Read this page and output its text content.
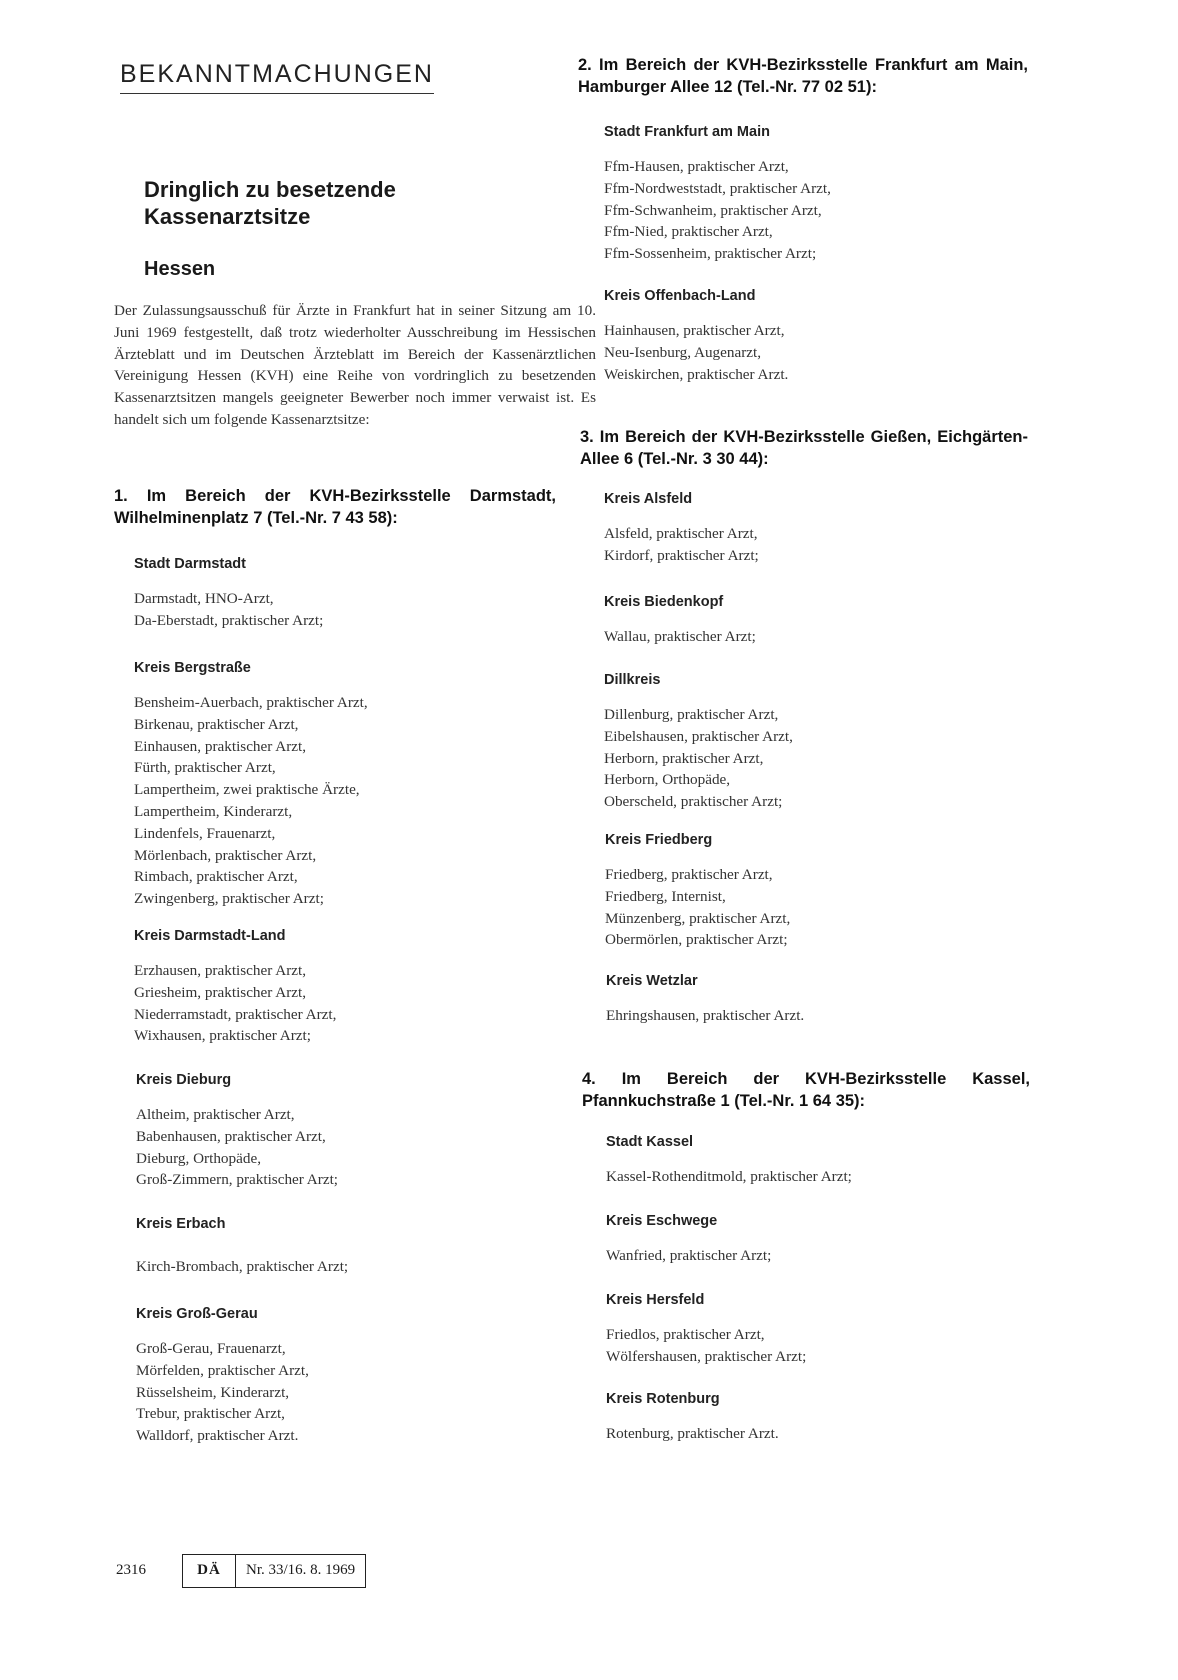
BEKANNTMACHUNGEN
Dringlich zu besetzende
Kassenarztsitze
Hessen

Der Zulassungsausschuß für Ärzte in Frankfurt hat in seiner Sitzung am 10. Juni 1969 festgestellt, daß trotz wiederholter Ausschreibung im Hessischen Ärzteblatt und im Deutschen Ärzteblatt im Bereich der Kassenärztlichen Vereinigung Hessen (KVH) eine Reihe von vordringlich zu besetzenden Kassenarztsitzen mangels geeigneter Bewerber noch immer verwaist ist. Es handelt sich um folgende Kassenarztsitze:

1. Im Bereich der KVH-Bezirksstelle Darmstadt, Wilhelminenplatz 7 (Tel.-Nr. 7 43 58):
Stadt Darmstadt
Darmstadt, HNO-Arzt,
Da-Eberstadt, praktischer Arzt;
Kreis Bergstraße
Bensheim-Auerbach, praktischer Arzt,
Birkenau, praktischer Arzt,
Einhausen, praktischer Arzt,
Fürth, praktischer Arzt,
Lampertheim, zwei praktische Ärzte,
Lampertheim, Kinderarzt,
Lindenfels, Frauenarzt,
Mörlenbach, praktischer Arzt,
Rimbach, praktischer Arzt,
Zwingenberg, praktischer Arzt;
Kreis Darmstadt-Land
Erzhausen, praktischer Arzt,
Griesheim, praktischer Arzt,
Niederramstadt, praktischer Arzt,
Wixhausen, praktischer Arzt;
Kreis Dieburg
Altheim, praktischer Arzt,
Babenhausen, praktischer Arzt,
Dieburg, Orthopäde,
Groß-Zimmern, praktischer Arzt;
Kreis Erbach
Kirch-Brombach, praktischer Arzt;
Kreis Groß-Gerau
Groß-Gerau, Frauenarzt,
Mörfelden, praktischer Arzt,
Rüsselsheim, Kinderarzt,
Trebur, praktischer Arzt,
Walldorf, praktischer Arzt.
2. Im Bereich der KVH-Bezirksstelle Frankfurt am Main, Hamburger Allee 12 (Tel.-Nr. 77 02 51):
Stadt Frankfurt am Main
Ffm-Hausen, praktischer Arzt,
Ffm-Nordweststadt, praktischer Arzt,
Ffm-Schwanheim, praktischer Arzt,
Ffm-Nied, praktischer Arzt,
Ffm-Sossenheim, praktischer Arzt;
Kreis Offenbach-Land
Hainhausen, praktischer Arzt,
Neu-Isenburg, Augenarzt,
Weiskirchen, praktischer Arzt.
3. Im Bereich der KVH-Bezirksstelle Gießen, Eichgärten-Allee 6 (Tel.-Nr. 3 30 44):
Kreis Alsfeld
Alsfeld, praktischer Arzt,
Kirdorf, praktischer Arzt;
Kreis Biedenkopf
Wallau, praktischer Arzt;
Dillkreis
Dillenburg, praktischer Arzt,
Eibelshausen, praktischer Arzt,
Herborn, praktischer Arzt,
Herborn, Orthopäde,
Oberscheld, praktischer Arzt;
Kreis Friedberg
Friedberg, praktischer Arzt,
Friedberg, Internist,
Münzenberg, praktischer Arzt,
Obermörlen, praktischer Arzt;
Kreis Wetzlar
Ehringshausen, praktischer Arzt.
4. Im Bereich der KVH-Bezirksstelle Kassel, Pfannkuchstraße 1 (Tel.-Nr. 1 64 35):
Stadt Kassel
Kassel-Rothenditmold, praktischer Arzt;
Kreis Eschwege
Wanfried, praktischer Arzt;
Kreis Hersfeld
Friedlos, praktischer Arzt,
Wölfershausen, praktischer Arzt;
Kreis Rotenburg
Rotenburg, praktischer Arzt.
2316	DÄ	Nr. 33/16. 8. 1969
